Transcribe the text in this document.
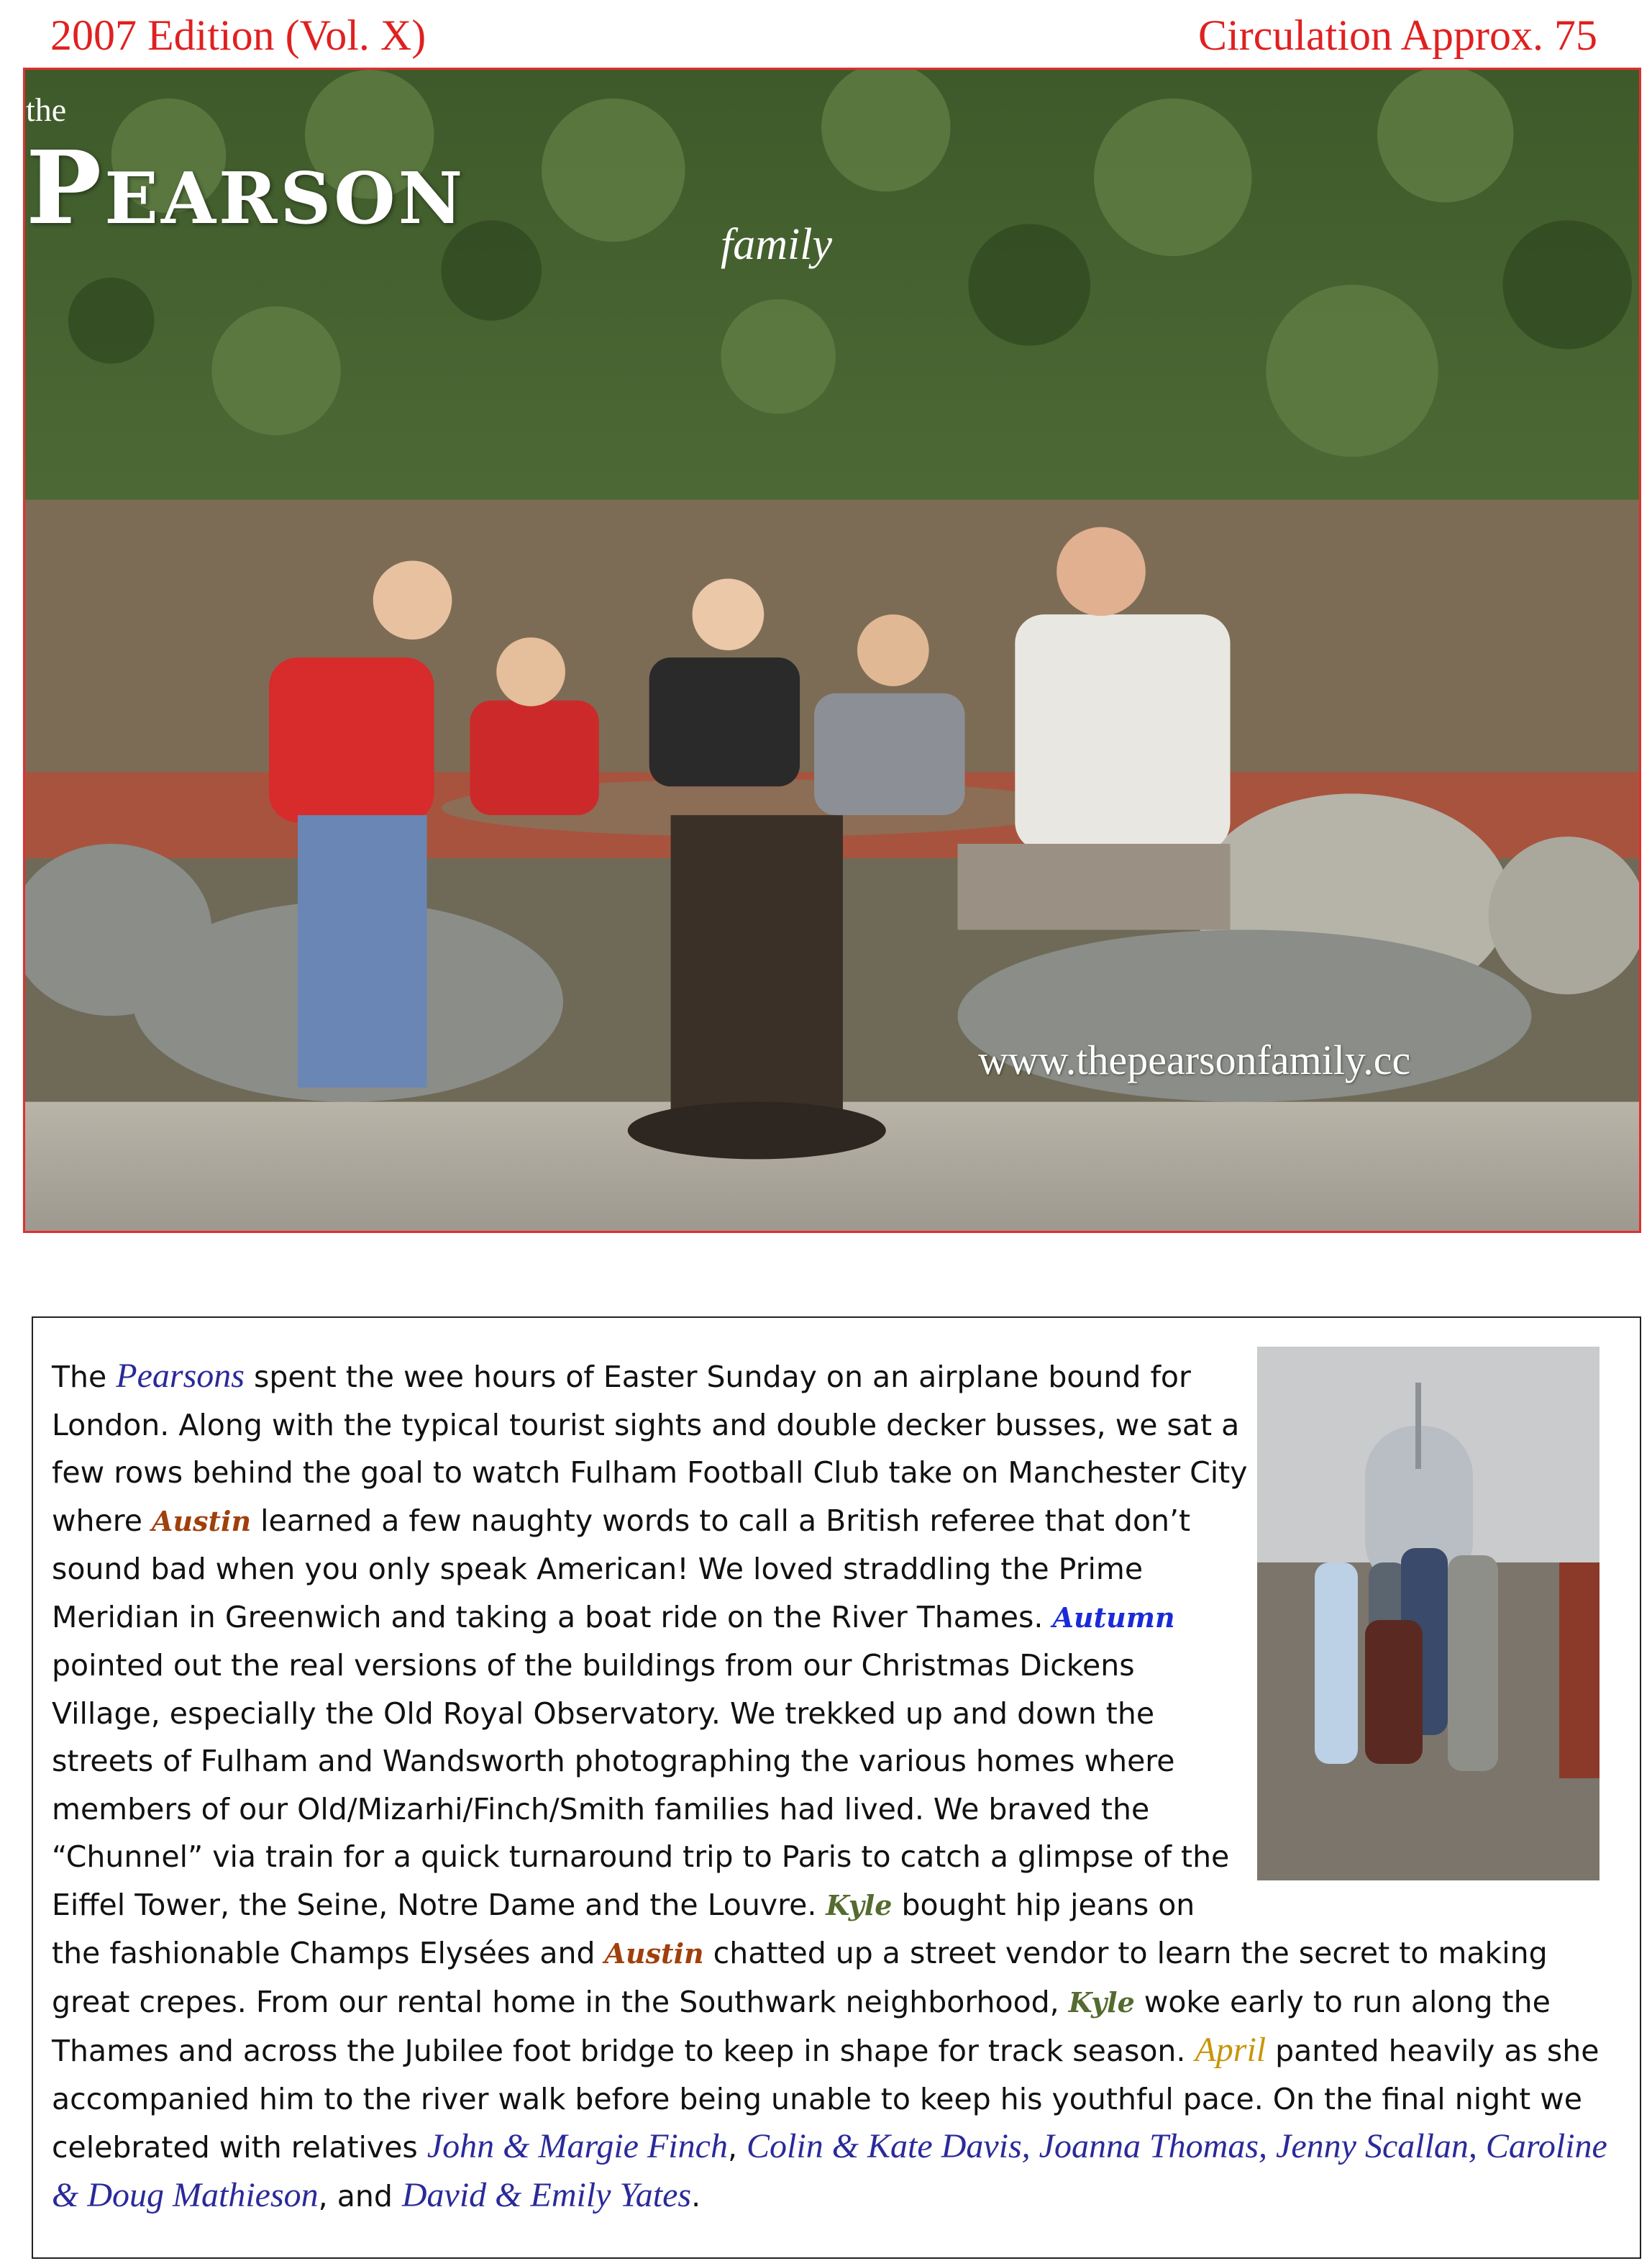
2007 Edition (Vol. X)	Circulation Approx. 75
the
Pearson	family
www.thepearsonfamily.cc
The Pearsons spent the wee hours of Easter Sunday on an airplane bound for London. Along with the typical tourist sights and double decker busses, we sat a few rows behind the goal to watch Fulham Football Club take on Manchester City where Austin learned a few naughty words to call a British referee that don’t sound bad when you only speak American! We loved straddling the Prime Meridian in Greenwich and taking a boat ride on the River Thames. Autumn pointed out the real versions of the buildings from our Christmas Dickens Village, especially the Old Royal Observatory. We trekked up and down the streets of Fulham and Wandsworth photographing the various homes where members of our Old/Mizarhi/Finch/Smith families had lived. We braved the “Chunnel” via train for a quick turnaround trip to Paris to catch a glimpse of the Eiffel Tower, the Seine, Notre Dame and the Louvre. Kyle bought hip jeans on the fashionable Champs Elysées and Austin chatted up a street vendor to learn the secret to making great crepes. From our rental home in the Southwark neighborhood, Kyle woke early to run along the Thames and across the Jubilee foot bridge to keep in shape for track season. April panted heavily as she accompanied him to the river walk before being unable to keep his youthful pace. On the final night we celebrated with relatives John & Margie Finch, Colin & Kate Davis, Joanna Thomas, Jenny Scallan, Caroline & Doug Mathieson, and David & Emily Yates.
